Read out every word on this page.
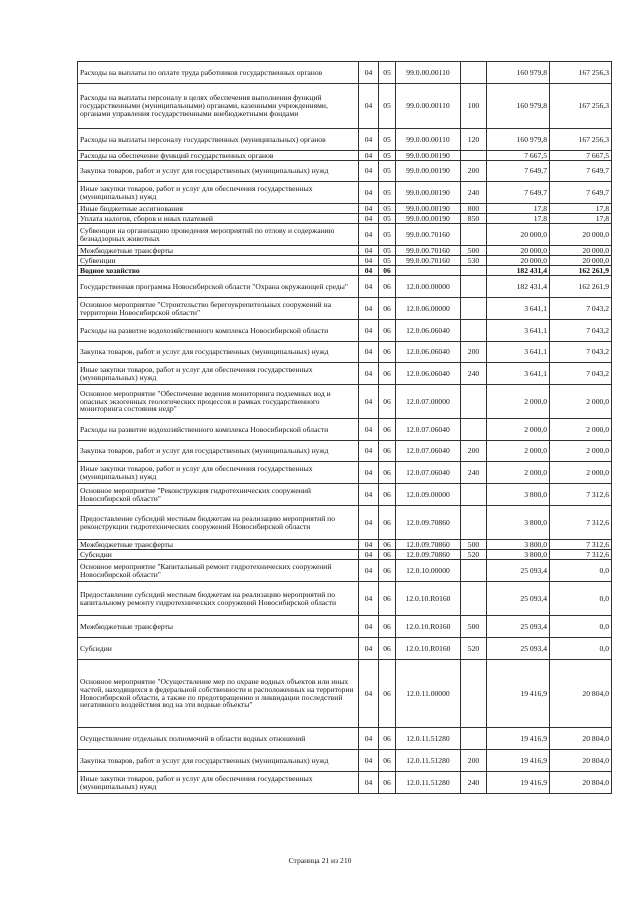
Расходы на выплаты по оплате труда работников государственных органов	04	05	99.0.00.00110		160 979,8	167 256,3
Расходы на выплаты персоналу в целях обеспечения выполнения функций государственными (муниципальными) органами, казенными учреждениями, органами управления государственными внебюджетными фондами	04	05	99.0.00.00110	100	160 979,8	167 256,3
Расходы на выплаты персоналу государственных (муниципальных) органов	04	05	99.0.00.00110	120	160 979,8	167 256,3
Расходы на обеспечение функций государственных органов	04	05	99.0.00.00190		7 667,5	7 667,5
Закупка товаров, работ и услуг для государственных (муниципальных) нужд	04	05	99.0.00.00190	200	7 649,7	7 649,7
Иные закупки товаров, работ и услуг для обеспечения государственных (муниципальных) нужд	04	05	99.0.00.00190	240	7 649,7	7 649,7
Иные бюджетные ассигнования	04	05	99.0.00.00190	800	17,8	17,8
Уплата налогов, сборов и иных платежей	04	05	99.0.00.00190	850	17,8	17,8
Субвенции на организацию проведения мероприятий по отлову и содержанию безнадзорных животных	04	05	99.0.00.70160		20 000,0	20 000,0
Межбюджетные трансферты	04	05	99.0.00.70160	500	20 000,0	20 000,0
Субвенции	04	05	99.0.00.70160	530	20 000,0	20 000,0
Водное хозяйство	04	06			182 431,4	162 261,9
Государственная программа Новосибирской области "Охрана окружающей среды"	04	06	12.0.00.00000		182 431,4	162 261,9
Основное мероприятие "Строительство берегоукрепительных сооружений на территории Новосибирской области"	04	06	12.0.06.00000		3 641,1	7 043,2
Расходы на развитие водохозяйственного комплекса Новосибирской области	04	06	12.0.06.06040		3 641,1	7 043,2
Закупка товаров, работ и услуг для государственных (муниципальных) нужд	04	06	12.0.06.06040	200	3 641,1	7 043,2
Иные закупки товаров, работ и услуг для обеспечения государственных (муниципальных) нужд	04	06	12.0.06.06040	240	3 641,1	7 043,2
Основное мероприятие "Обеспечение ведения мониторинга подземных вод и опасных экзогенных геологических процессов в рамках государственного мониторинга состояния недр"	04	06	12.0.07.00000		2 000,0	2 000,0
Расходы на развитие водохозяйственного комплекса Новосибирской области	04	06	12.0.07.06040		2 000,0	2 000,0
Закупка товаров, работ и услуг для государственных (муниципальных) нужд	04	06	12.0.07.06040	200	2 000,0	2 000,0
Иные закупки товаров, работ и услуг для обеспечения государственных (муниципальных) нужд	04	06	12.0.07.06040	240	2 000,0	2 000,0
Основное мероприятие "Реконструкция гидротехнических сооружений Новосибирской области"	04	06	12.0.09.00000		3 800,0	7 312,6
Предоставление субсидий местным бюджетам на реализацию мероприятий по реконструкции гидротехнических сооружений Новосибирской области	04	06	12.0.09.70860		3 800,0	7 312,6
Межбюджетные трансферты	04	06	12.0.09.70860	500	3 800,0	7 312,6
Субсидии	04	06	12.0.09.70860	520	3 800,0	7 312,6
Основное мероприятие "Капитальный ремонт гидротехнических сооружений Новосибирской области"	04	06	12.0.10.00000		25 093,4	0,0
Предоставление субсидий местным бюджетам на реализацию мероприятий по капитальному ремонту гидротехнических сооружений Новосибирской области	04	06	12.0.10.R0160		25 093,4	0,0
Межбюджетные трансферты	04	06	12.0.10.R0160	500	25 093,4	0,0
Субсидии	04	06	12.0.10.R0160	520	25 093,4	0,0
Основное мероприятие "Осуществление мер по охране водных объектов или иных частей, находящихся в федеральной собственности и расположенных на территории Новосибирской области, а также по предотвращению и ликвидации последствий негативного воздействия вод на эти водные объекты"	04	06	12.0.11.00000		19 416,9	20 804,0
Осуществление отдельных полномочий в области водных отношений	04	06	12.0.11.51280		19 416,9	20 804,0
Закупка товаров, работ и услуг для государственных (муниципальных) нужд	04	06	12.0.11.51280	200	19 416,9	20 804,0
Иные закупки товаров, работ и услуг для обеспечения государственных (муниципальных) нужд	04	06	12.0.11.51280	240	19 416,9	20 804,0
Страница 21 из 210
